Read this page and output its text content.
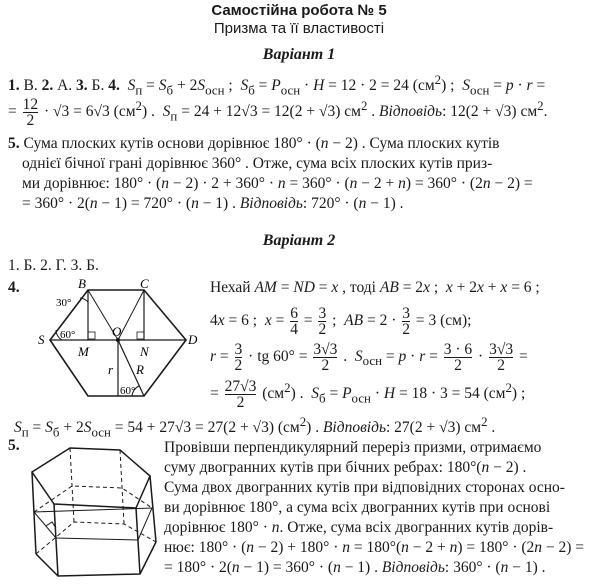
Самостійна робота № 5
Призма та її властивості
Варіант 1
1. В. 2. А. 3. Б. 4. $S_п = S_б + 2S_{осн}$ ;  $S_б = P_{осн} \cdot H = 12 \cdot 2 = 24$ $(см^2)$ ;  $S_{осн} = p \cdot r$ =
= $\frac{12}{2} \cdot √3 = 6√3$ $(см^2)$ .  $S_п = 24 + 12√3 = 12(2 + √3)$ $см^2$ . Відповідь: 12(2 + √3) $см^2$.
5. Сума плоских кутів основи дорівнює 180° · (n − 2) . Сума плоских кутів
однієї бічної грані дорівнює 360° . Отже, сума всіх плоских кутів приз-
ми дорівнює: 180° · (n − 2) · 2 + 360° · n = 360° · (n − 2 + n) = 360° · (2n − 2) =
= 360° · 2(n − 1) = 720° · (n − 1) . Відповідь: 720° · (n − 1) .
Варіант 2
1. Б. 2. Г. 3. Б.
4.	B	C
S	D
O
M	N
r R
30°
60°
60°
Нехай AM = ND = x , тоді AB = 2x ;  x + 2x + x = 6 ;
4x = 6 ;  $x = \frac{6}{4} = \frac{3}{2}$ ;  AB = $2 \cdot \frac{3}{2} = 3$ (см);
$r = \frac{3}{2}$ · tg $60^\circ = \frac{3√3}{2}$ .  $S_{осн} = p \cdot r = \frac{3 \cdot 6}{2} \cdot \frac{3√3}{2}$ =
= $\frac{27√3}{2} (см^2)$ .  $S_б = P_{осн} \cdot H = 18 \cdot 3 = 54$ $(см^2)$ ;
$S_п = S_б + 2S_{осн} = 54 + 27√3 = 27(2 + √3)$ $(см^2)$ . Відповідь: 27(2 + √3) $см^2$ .
5.	Провівши перпендикулярний переріз призми, отримаємо
суму двогранних кутів при бічних ребрах: 180°(n − 2) .
Сума двох двогранних кутів при відповідних сторонах осно-
ви дорівнює 180°, а сума всіх двогранних кутів при основі
дорівнює 180° · n. Отже, сума всіх двогранних кутів дорів-
нює: 180° · (n − 2) + 180° · n = 180°(n − 2 + n) = 180° · (2n − 2) =
= 180° · 2(n − 1) = 360° · (n − 1) . Відповідь: 360° · (n − 1) .
